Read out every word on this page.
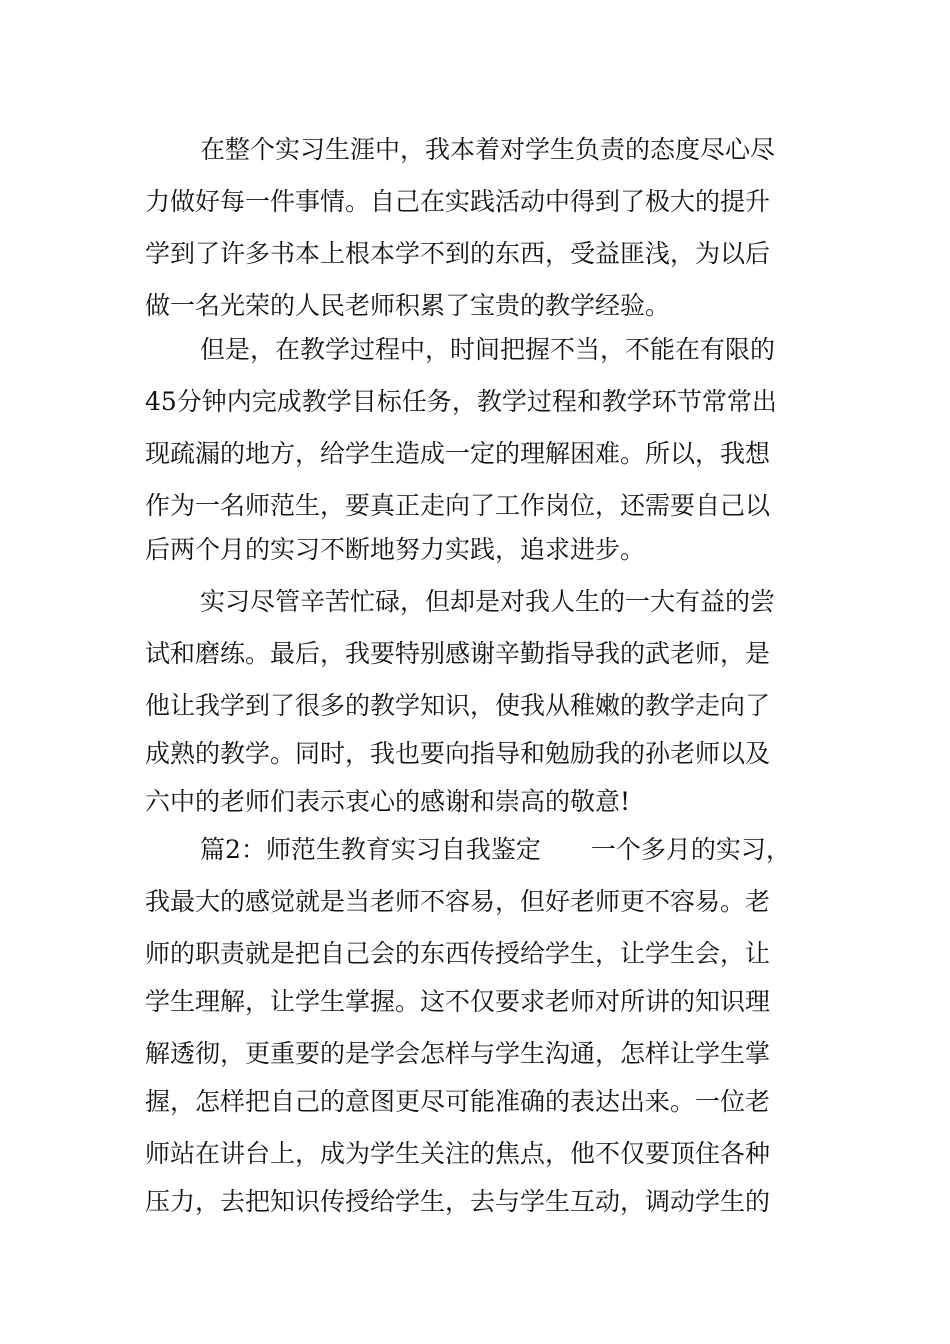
在整个实习生涯中，我本着对学生负责的态度尽心尽
力做好每一件事情。自己在实践活动中得到了极大的提升
学到了许多书本上根本学不到的东西，受益匪浅，为以后
做一名光荣的人民老师积累了宝贵的教学经验。
但是，在教学过程中，时间把握不当，不能在有限的
45分钟内完成教学目标任务，教学过程和教学环节常常出
现疏漏的地方，给学生造成一定的理解困难。所以，我想
作为一名师范生，要真正走向了工作岗位，还需要自己以
后两个月的实习不断地努力实践，追求进步。
实习尽管辛苦忙碌，但却是对我人生的一大有益的尝
试和磨练。最后，我要特别感谢辛勤指导我的武老师，是
他让我学到了很多的教学知识，使我从稚嫩的教学走向了
成熟的教学。同时，我也要向指导和勉励我的孙老师以及
六中的老师们表示衷心的感谢和崇高的敬意!
篇2：师范生教育实习自我鉴定　　一个多月的实习，
我最大的感觉就是当老师不容易，但好老师更不容易。老
师的职责就是把自己会的东西传授给学生，让学生会，让
学生理解，让学生掌握。这不仅要求老师对所讲的知识理
解透彻，更重要的是学会怎样与学生沟通，怎样让学生掌
握，怎样把自己的意图更尽可能准确的表达出来。一位老
师站在讲台上，成为学生关注的焦点，他不仅要顶住各种
压力，去把知识传授给学生，去与学生互动，调动学生的
